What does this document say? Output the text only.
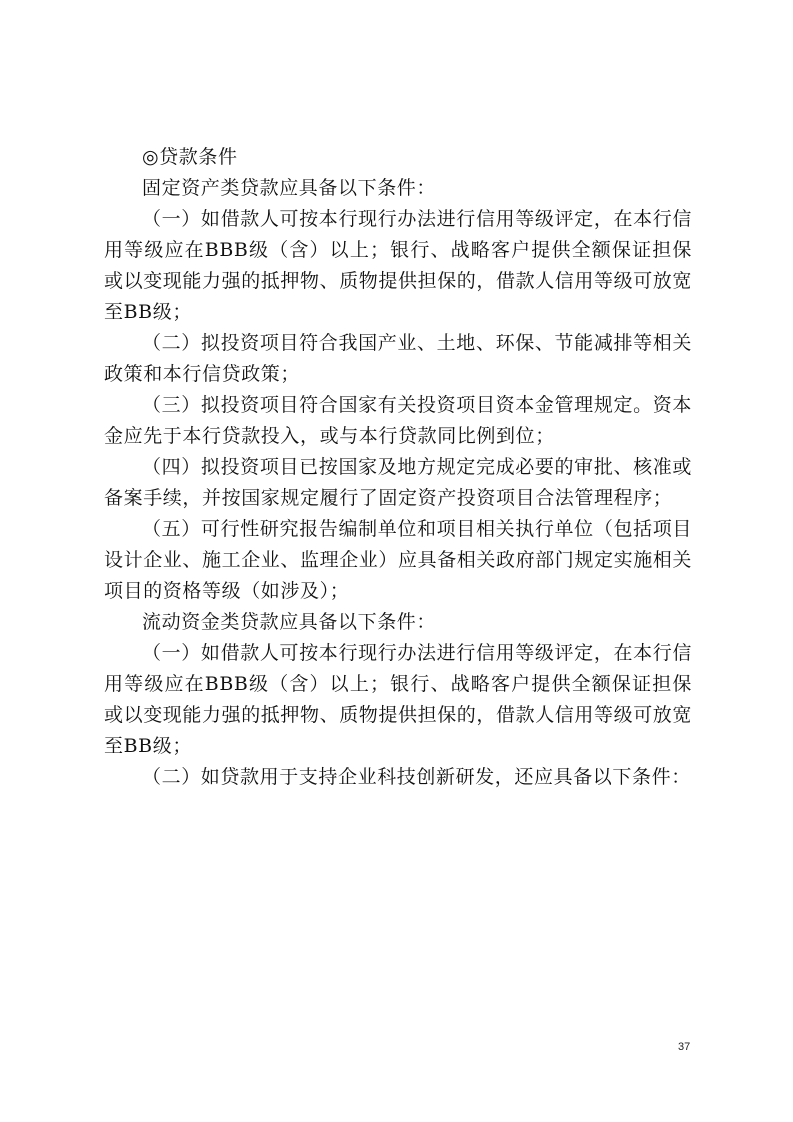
◎贷款条件

固定资产类贷款应具备以下条件：

（一）如借款人可按本行现行办法进行信用等级评定，在本行信用等级应在BBB级（含）以上；银行、战略客户提供全额保证担保或以变现能力强的抵押物、质物提供担保的，借款人信用等级可放宽至BB级；

（二）拟投资项目符合我国产业、土地、环保、节能减排等相关政策和本行信贷政策；

（三）拟投资项目符合国家有关投资项目资本金管理规定。资本金应先于本行贷款投入，或与本行贷款同比例到位；

（四）拟投资项目已按国家及地方规定完成必要的审批、核准或备案手续，并按国家规定履行了固定资产投资项目合法管理程序；

（五）可行性研究报告编制单位和项目相关执行单位（包括项目设计企业、施工企业、监理企业）应具备相关政府部门规定实施相关项目的资格等级（如涉及）；

流动资金类贷款应具备以下条件：

（一）如借款人可按本行现行办法进行信用等级评定，在本行信用等级应在BBB级（含）以上；银行、战略客户提供全额保证担保或以变现能力强的抵押物、质物提供担保的，借款人信用等级可放宽至BB级；

（二）如贷款用于支持企业科技创新研发，还应具备以下条件：

37
